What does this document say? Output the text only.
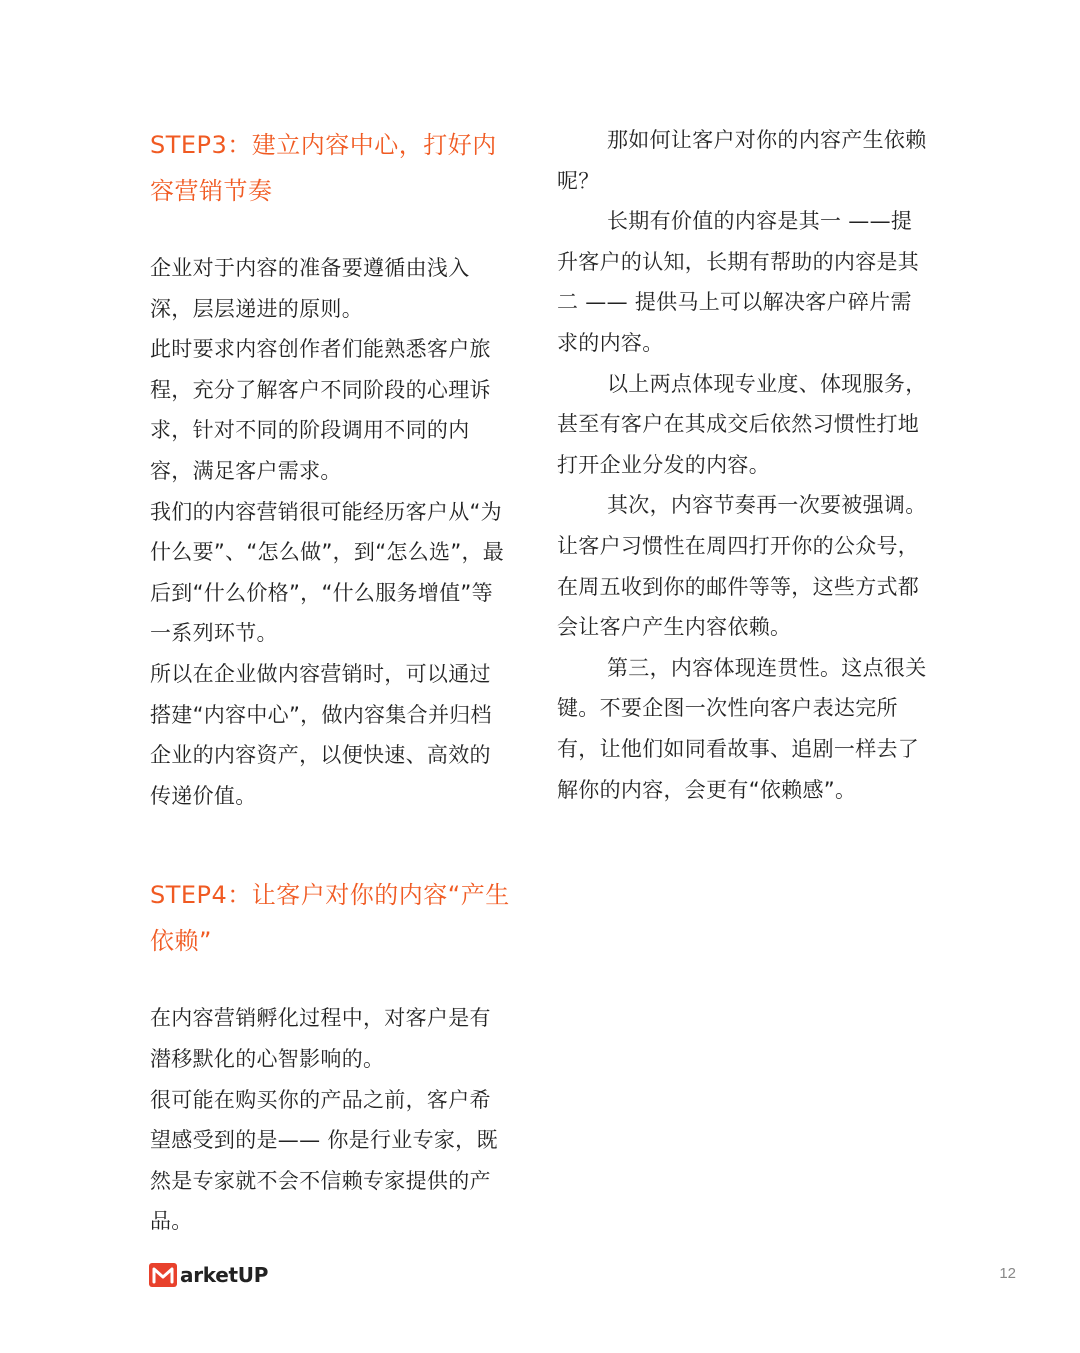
STEP3：建立内容中心，打好内容营销节奏

企业对于内容的准备要遵循由浅入深，层层递进的原则。

此时要求内容创作者们能熟悉客户旅程，充分了解客户不同阶段的心理诉求，针对不同的阶段调用不同的内容，满足客户需求。

我们的内容营销很可能经历客户从“为什么要”、“怎么做”，到“怎么选”，最后到“什么价格”，“什么服务增值”等一系列环节。

所以在企业做内容营销时，可以通过搭建“内容中心”，做内容集合并归档企业的内容资产，以便快速、高效的传递价值。

STEP4：让客户对你的内容“产生依赖”

在内容营销孵化过程中，对客户是有潜移默化的心智影响的。

很可能在购买你的产品之前，客户希望感受到的是—— 你是行业专家，既然是专家就不会不信赖专家提供的产品。

那如何让客户对你的内容产生依赖呢？

长期有价值的内容是其一 ——提升客户的认知，长期有帮助的内容是其二 —— 提供马上可以解决客户碎片需求的内容。

以上两点体现专业度、体现服务，甚至有客户在其成交后依然习惯性打地打开企业分发的内容。

其次，内容节奏再一次要被强调。让客户习惯性在周四打开你的公众号，在周五收到你的邮件等等，这些方式都会让客户产生内容依赖。

第三，内容体现连贯性。这点很关键。不要企图一次性向客户表达完所有，让他们如同看故事、追剧一样去了解你的内容，会更有“依赖感”。

arketUP	12
